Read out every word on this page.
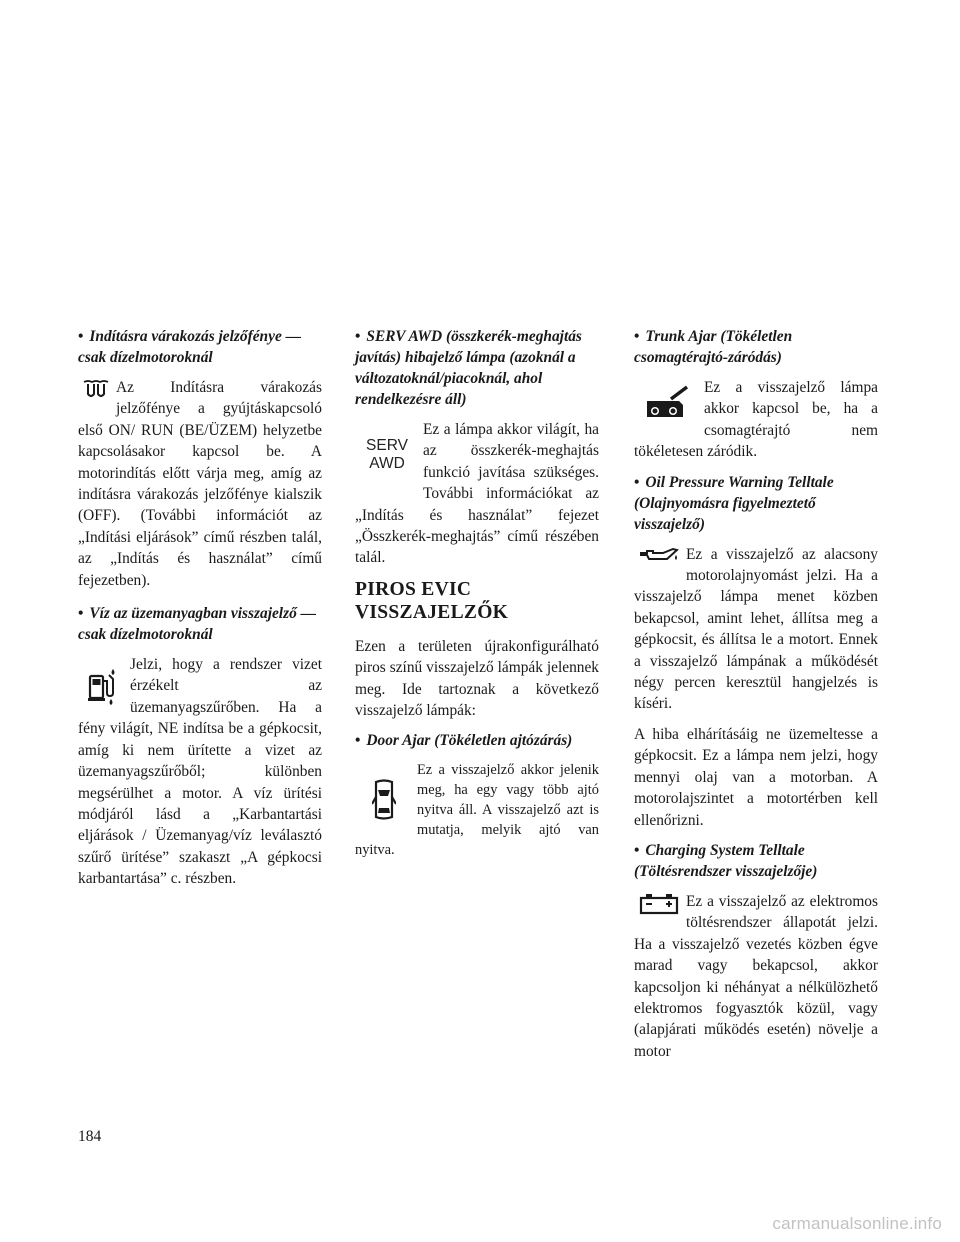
• Indításra várakozás jelzőfénye — csak dízelmotoroknál

Az Indításra várakozás jelzőfénye a gyújtáskapcsoló első ON/ RUN (BE/ÜZEM) helyzetbe kapcsolásakor kapcsol be. A motorindítás előtt várja meg, amíg az indításra várakozás jelzőfénye kialszik (OFF). (További információt az „Indítási eljárások” című részben talál, az „Indítás és használat” című fejezetben).

• Víz az üzemanyagban visszajelző — csak dízelmotoroknál

Jelzi, hogy a rendszer vizet érzékelt az üzemanyagszűrőben. Ha a fény világít, NE indítsa be a gépkocsit, amíg ki nem ürítette a vizet az üzemanyagszűrőből; különben megsérülhet a motor. A víz ürítési módjáról lásd a „Karbantartási eljárások / Üzemanyag/víz leválasztó szűrő ürítése” szakaszt „A gépkocsi karbantartása” c. részben.

• SERV AWD (összkerék-meghajtás javítás) hibajelző lámpa (azoknál a változatoknál/piacoknál, ahol rendelkezésre áll)
SERV
AWD

Ez a lámpa akkor világít, ha az összkerék-meghajtás funkció javítása szükséges. További információkat az „Indítás és használat” fejezet „Összkerék-meghajtás” című részében talál.

PIROS EVIC VISSZAJELZŐK

Ezen a területen újrakonfigurálható piros színű visszajelző lámpák jelennek meg. Ide tartoznak a következő visszajelző lámpák:

• Door Ajar (Tökéletlen ajtózárás)

Ez a visszajelző akkor jelenik meg, ha egy vagy több ajtó nyitva áll. A visszajelző azt is mutatja, melyik ajtó van nyitva.

• Trunk Ajar (Tökéletlen csomagtérajtó-záródás)

Ez a visszajelző lámpa akkor kapcsol be, ha a csomagtérajtó nem tökéletesen záródik.

• Oil Pressure Warning Telltale (Olajnyomásra figyelmeztető visszajelző)

Ez a visszajelző az alacsony motorolajnyomást jelzi. Ha a visszajelző lámpa menet közben bekapcsol, amint lehet, állítsa meg a gépkocsit, és állítsa le a motort. Ennek a visszajelző lámpának a működését négy percen keresztül hangjelzés is kíséri.

A hiba elhárításáig ne üzemeltesse a gépkocsit. Ez a lámpa nem jelzi, hogy mennyi olaj van a motorban. A motorolajszintet a motortérben kell ellenőrizni.

• Charging System Telltale (Töltésrendszer visszajelzője)

Ez a visszajelző az elektromos töltésrendszer állapotát jelzi. Ha a visszajelző vezetés közben égve marad vagy bekapcsol, akkor kapcsoljon ki néhányat a nélkülözhető elektromos fogyasztók közül, vagy (alapjárati működés esetén) növelje a motor

184
carmanualsonline.info
